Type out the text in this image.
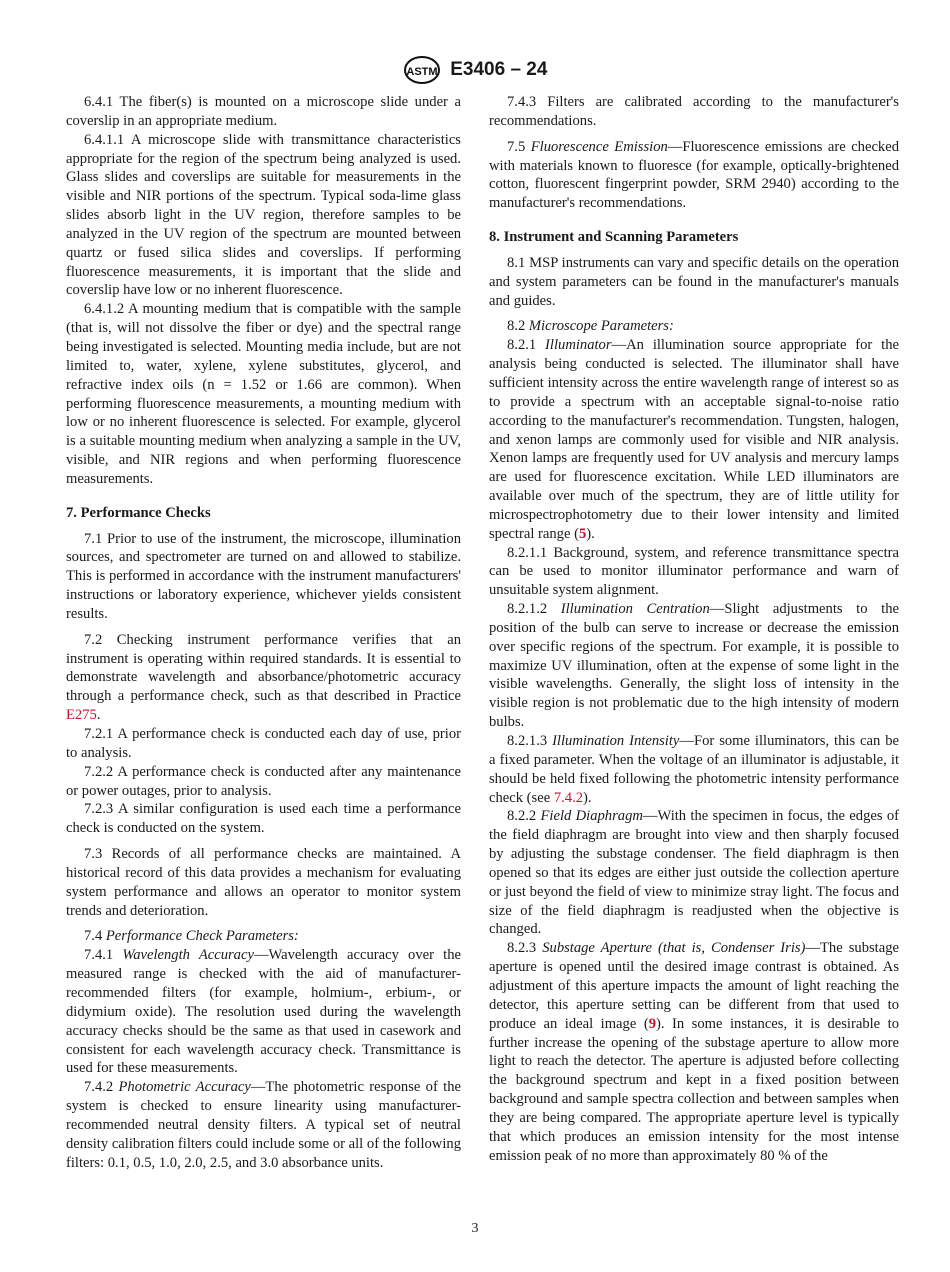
ASTM E3406 – 24

6.4.1 The fiber(s) is mounted on a microscope slide under a coverslip in an appropriate medium.

6.4.1.1 A microscope slide with transmittance characteristics appropriate for the region of the spectrum being analyzed is used. Glass slides and coverslips are suitable for measurements in the visible and NIR portions of the spectrum. Typical soda-lime glass slides absorb light in the UV region, therefore samples to be analyzed in the UV region of the spectrum are mounted between quartz or fused silica slides and coverslips. If performing fluorescence measurements, it is important that the slide and coverslip have low or no inherent fluorescence.

6.4.1.2 A mounting medium that is compatible with the sample (that is, will not dissolve the fiber or dye) and the spectral range being investigated is selected. Mounting media include, but are not limited to, water, xylene, xylene substitutes, glycerol, and refractive index oils (n = 1.52 or 1.66 are common). When performing fluorescence measurements, a mounting medium with low or no inherent fluorescence is selected. For example, glycerol is a suitable mounting medium when analyzing a sample in the UV, visible, and NIR regions and when performing fluorescence measurements.

7. Performance Checks

7.1 Prior to use of the instrument, the microscope, illumination sources, and spectrometer are turned on and allowed to stabilize. This is performed in accordance with the instrument manufacturers' instructions or laboratory experience, whichever yields consistent results.

7.2 Checking instrument performance verifies that an instrument is operating within required standards. It is essential to demonstrate wavelength and absorbance/photometric accuracy through a performance check, such as that described in Practice E275.

7.2.1 A performance check is conducted each day of use, prior to analysis.

7.2.2 A performance check is conducted after any maintenance or power outages, prior to analysis.

7.2.3 A similar configuration is used each time a performance check is conducted on the system.

7.3 Records of all performance checks are maintained. A historical record of this data provides a mechanism for evaluating system performance and allows an operator to monitor system trends and deterioration.

7.4 Performance Check Parameters:

7.4.1 Wavelength Accuracy—Wavelength accuracy over the measured range is checked with the aid of manufacturer-recommended filters (for example, holmium-, erbium-, or didymium oxide). The resolution used during the wavelength accuracy checks should be the same as that used in casework and consistent for each wavelength accuracy check. Transmittance is used for these measurements.

7.4.2 Photometric Accuracy—The photometric response of the system is checked to ensure linearity using manufacturer-recommended neutral density filters. A typical set of neutral density calibration filters could include some or all of the following filters: 0.1, 0.5, 1.0, 2.0, 2.5, and 3.0 absorbance units.

7.4.3 Filters are calibrated according to the manufacturer's recommendations.

7.5 Fluorescence Emission—Fluorescence emissions are checked with materials known to fluoresce (for example, optically-brightened cotton, fluorescent fingerprint powder, SRM 2940) according to the manufacturer's recommendations.

8. Instrument and Scanning Parameters

8.1 MSP instruments can vary and specific details on the operation and system parameters can be found in the manufacturer's manuals and guides.

8.2 Microscope Parameters:

8.2.1 Illuminator—An illumination source appropriate for the analysis being conducted is selected. The illuminator shall have sufficient intensity across the entire wavelength range of interest so as to provide a spectrum with an acceptable signal-to-noise ratio according to the manufacturer's recommendation. Tungsten, halogen, and xenon lamps are commonly used for visible and NIR analysis. Xenon lamps are frequently used for UV analysis and mercury lamps are used for fluorescence excitation. While LED illuminators are available over much of the spectrum, they are of little utility for microspectrophotometry due to their lower intensity and limited spectral range (5).

8.2.1.1 Background, system, and reference transmittance spectra can be used to monitor illuminator performance and warn of unsuitable system alignment.

8.2.1.2 Illumination Centration—Slight adjustments to the position of the bulb can serve to increase or decrease the emission over specific regions of the spectrum. For example, it is possible to maximize UV illumination, often at the expense of some light in the visible wavelengths. Generally, the slight loss of intensity in the visible region is not problematic due to the high intensity of modern bulbs.

8.2.1.3 Illumination Intensity—For some illuminators, this can be a fixed parameter. When the voltage of an illuminator is adjustable, it should be held fixed following the photometric intensity performance check (see 7.4.2).

8.2.2 Field Diaphragm—With the specimen in focus, the edges of the field diaphragm are brought into view and then sharply focused by adjusting the substage condenser. The field diaphragm is then opened so that its edges are either just outside the collection aperture or just beyond the field of view to minimize stray light. The focus and size of the field diaphragm is readjusted when the objective is changed.

8.2.3 Substage Aperture (that is, Condenser Iris)—The substage aperture is opened until the desired image contrast is obtained. As adjustment of this aperture impacts the amount of light reaching the detector, this aperture setting can be different from that used to produce an ideal image (9). In some instances, it is desirable to further increase the opening of the substage aperture to allow more light to reach the detector. The aperture is adjusted before collecting the background spectrum and kept in a fixed position between background and sample spectra collection and between samples when they are being compared. The appropriate aperture level is typically that which produces an emission intensity for the most intense emission peak of no more than approximately 80 % of the

3
